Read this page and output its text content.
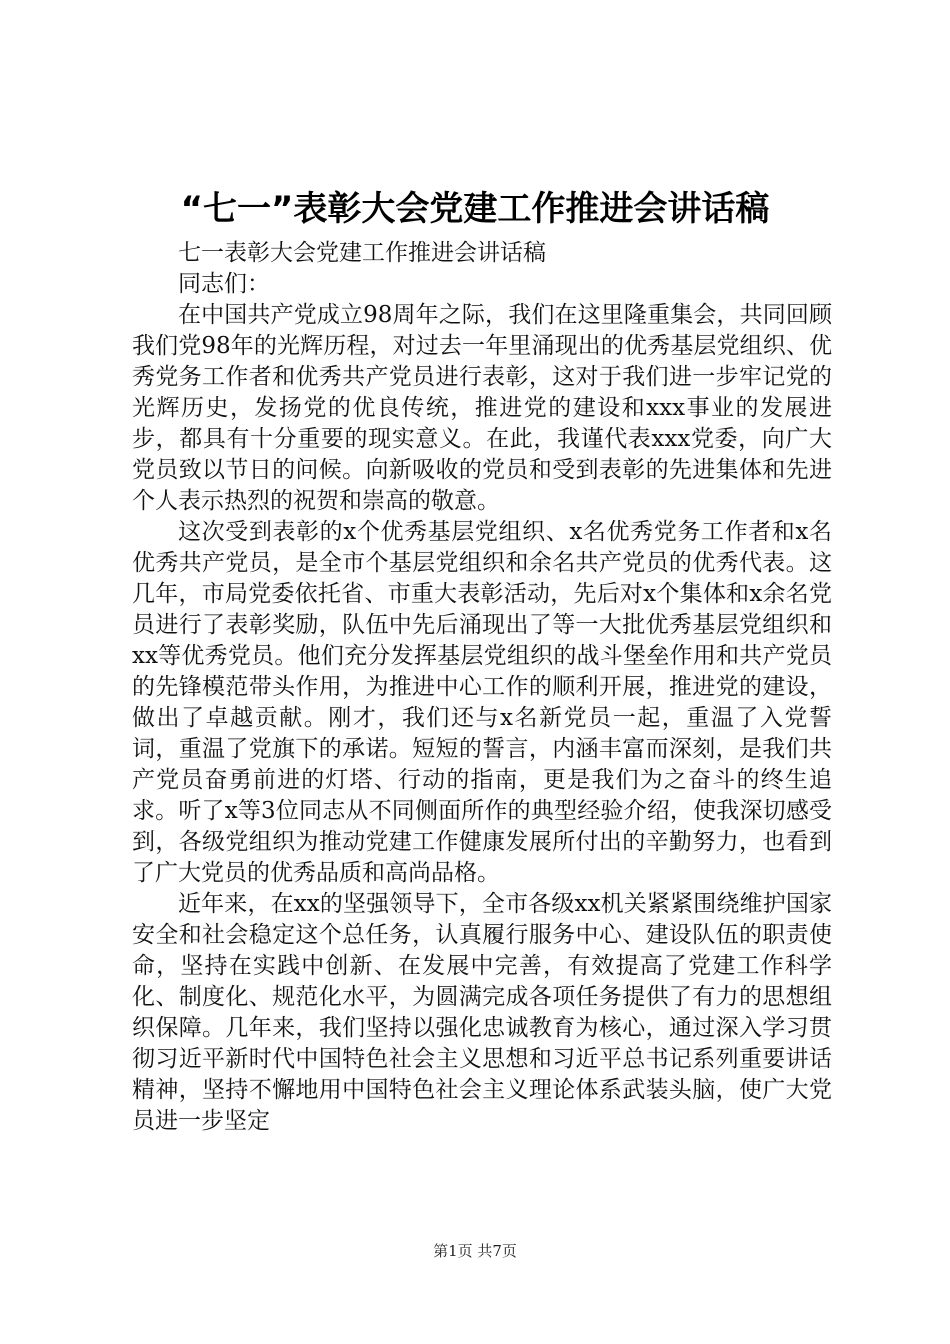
“七一”表彰大会党建工作推进会讲话稿

七一表彰大会党建工作推进会讲话稿

同志们：

在中国共产党成立98周年之际，我们在这里隆重集会，共同回顾我们党98年的光辉历程，对过去一年里涌现出的优秀基层党组织、优秀党务工作者和优秀共产党员进行表彰，这对于我们进一步牢记党的光辉历史，发扬党的优良传统，推进党的建设和xxx事业的发展进步，都具有十分重要的现实意义。在此，我谨代表xxx党委，向广大党员致以节日的问候。向新吸收的党员和受到表彰的先进集体和先进个人表示热烈的祝贺和崇高的敬意。

这次受到表彰的x个优秀基层党组织、x名优秀党务工作者和x名优秀共产党员，是全市个基层党组织和余名共产党员的优秀代表。这几年，市局党委依托省、市重大表彰活动，先后对x个集体和x余名党员进行了表彰奖励，队伍中先后涌现出了等一大批优秀基层党组织和xx等优秀党员。他们充分发挥基层党组织的战斗堡垒作用和共产党员的先锋模范带头作用，为推进中心工作的顺利开展，推进党的建设，做出了卓越贡献。刚才，我们还与x名新党员一起，重温了入党誓词，重温了党旗下的承诺。短短的誓言，内涵丰富而深刻，是我们共产党员奋勇前进的灯塔、行动的指南，更是我们为之奋斗的终生追求。听了x等3位同志从不同侧面所作的典型经验介绍，使我深切感受到，各级党组织为推动党建工作健康发展所付出的辛勤努力，也看到了广大党员的优秀品质和高尚品格。

近年来，在xx的坚强领导下，全市各级xx机关紧紧围绕维护国家安全和社会稳定这个总任务，认真履行服务中心、建设队伍的职责使命，坚持在实践中创新、在发展中完善，有效提高了党建工作科学化、制度化、规范化水平，为圆满完成各项任务提供了有力的思想组织保障。几年来，我们坚持以强化忠诚教育为核心，通过深入学习贯彻习近平新时代中国特色社会主义思想和习近平总书记系列重要讲话精神，坚持不懈地用中国特色社会主义理论体系武装头脑，使广大党员进一步坚定

第1页 共7页
